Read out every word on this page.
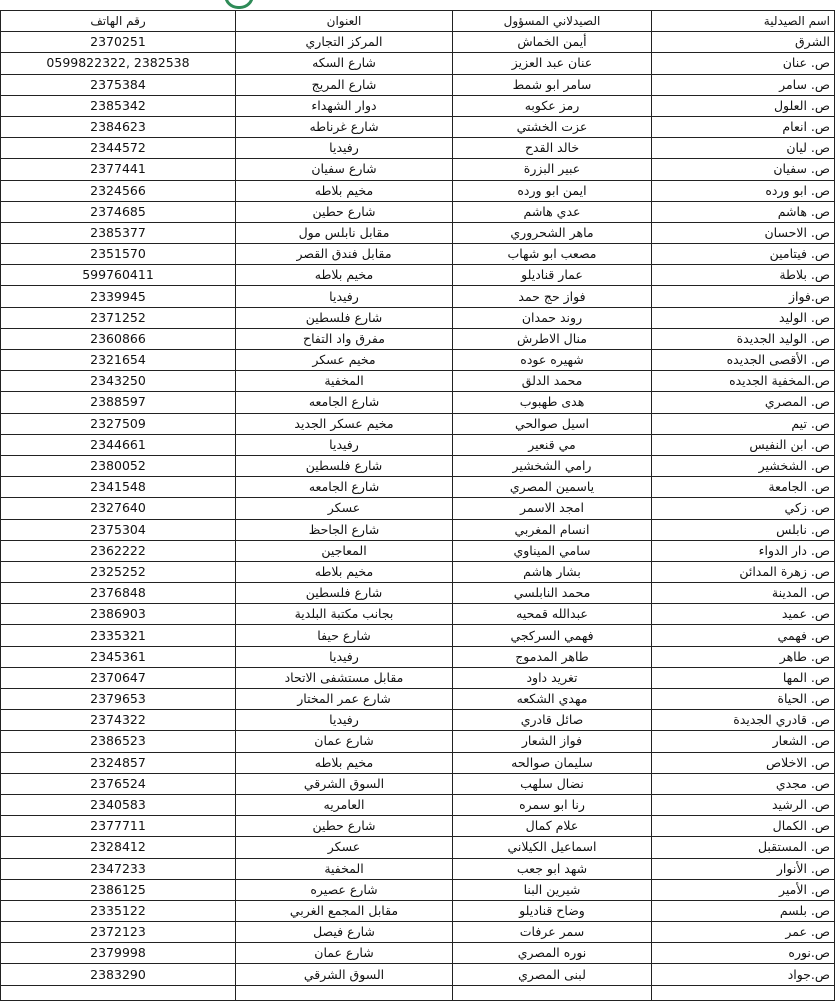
رقم الهاتف	العنوان	الصيدلاني المسؤول	اسم الصيدلية
2370251	المركز التجاري	أيمن الخماش	الشرق
0599822322, 2382538	شارع السكه	عنان عبد العزيز	ص. عنان
2375384	شارع المريج	سامر ابو شمط	ص. سامر
2385342	دوار الشهداء	رمز عكوبه	ص. العلول
2384623	شارع غرناطه	عزت الخشتي	ص. انعام
2344572	رفيديا	خالد القدح	ص. ليان
2377441	شارع سفيان	عبير البزرة	ص. سفيان
2324566	مخيم بلاطه	ايمن ابو ورده	ص. ابو ورده
2374685	شارع حطين	عدي هاشم	ص. هاشم
2385377	مقابل نابلس مول	ماهر الشحروري	ص. الاحسان
2351570	مقابل فندق القصر	مصعب ابو شهاب	ص. فيتامين
599760411	مخيم بلاطه	عمار قناديلو	ص. بلاطة
2339945	رفيديا	فواز حج حمد	ص.فواز
2371252	شارع فلسطين	روند حمدان	ص. الوليد
2360866	مفرق واد التفاح	منال الاطرش	ص. الوليد الجديدة
2321654	مخيم عسكر	شهيره عوده	ص. الأقصى الجديده
2343250	المخفية	محمد الدلق	ص.المخفية الجديده
2388597	شارع الجامعه	هدى طهبوب	ص. المصري
2327509	مخيم عسكر الجديد	اسيل صوالحي	ص. تيم
2344661	رفيديا	مي قنعير	ص. ابن النفيس
2380052	شارع فلسطين	رامي الشخشير	ص. الشخشير
2341548	شارع الجامعه	ياسمين المصري	ص. الجامعة
2327640	عسكر	امجد الاسمر	ص. زكي
2375304	شارع الجاحظ	انسام المغربي	ص. نابلس
2362222	المعاجين	سامي الميناوي	ص. دار الدواء
2325252	مخيم بلاطه	بشار هاشم	ص. زهرة المدائن
2376848	شارع فلسطين	محمد النابلسي	ص. المدينة
2386903	بجانب مكتبة البلدية	عبدالله قمحيه	ص. عميد
2335321	شارع حيفا	فهمي السركجي	ص. فهمي
2345361	رفيديا	طاهر المدموج	ص. طاهر
2370647	مقابل مستشفى الاتحاد	تغريد داود	ص. المها
2379653	شارع عمر المختار	مهدي الشكعه	ص. الحياة
2374322	رفيديا	صائل قادري	ص. قادري الجديدة
2386523	شارع عمان	فواز الشعار	ص. الشعار
2324857	مخيم بلاطه	سليمان صوالحه	ص. الاخلاص
2376524	السوق الشرقي	نضال سلهب	ص. مجدي
2340583	العامريه	رنا ابو سمره	ص. الرشيد
2377711	شارع حطين	علام كمال	ص. الكمال
2328412	عسكر	اسماعيل الكيلاني	ص. المستقبل
2347233	المخفية	شهد ابو جعب	ص. الأنوار
2386125	شارع عصيره	شيرين البنا	ص. الأمير
2335122	مقابل المجمع الغربي	وضاح قناديلو	ص. بلسم
2372123	شارع فيصل	سمر عرفات	ص. عمر
2379998	شارع عمان	نوره المصري	ص.نوره
2383290	السوق الشرقي	لبنى المصري	ص.جواد
